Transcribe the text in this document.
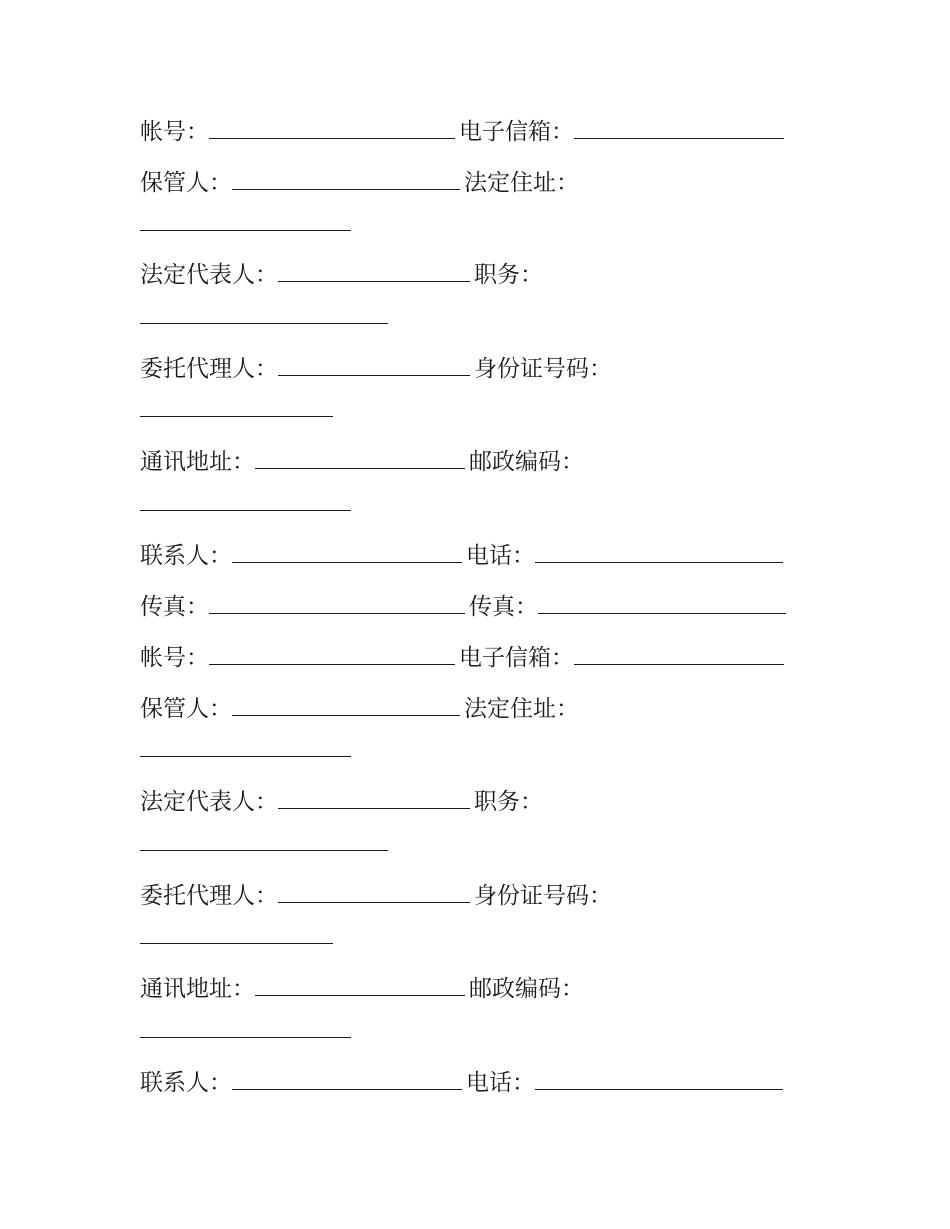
帐号：	电子信箱：
保管人：	法定住址：
法定代表人：	职务：
委托代理人：	身份证号码：
通讯地址：	邮政编码：
联系人：	电话：
传真：	传真：
帐号：	电子信箱：
保管人：	法定住址：
法定代表人：	职务：
委托代理人：	身份证号码：
通讯地址：	邮政编码：
联系人：	电话：
